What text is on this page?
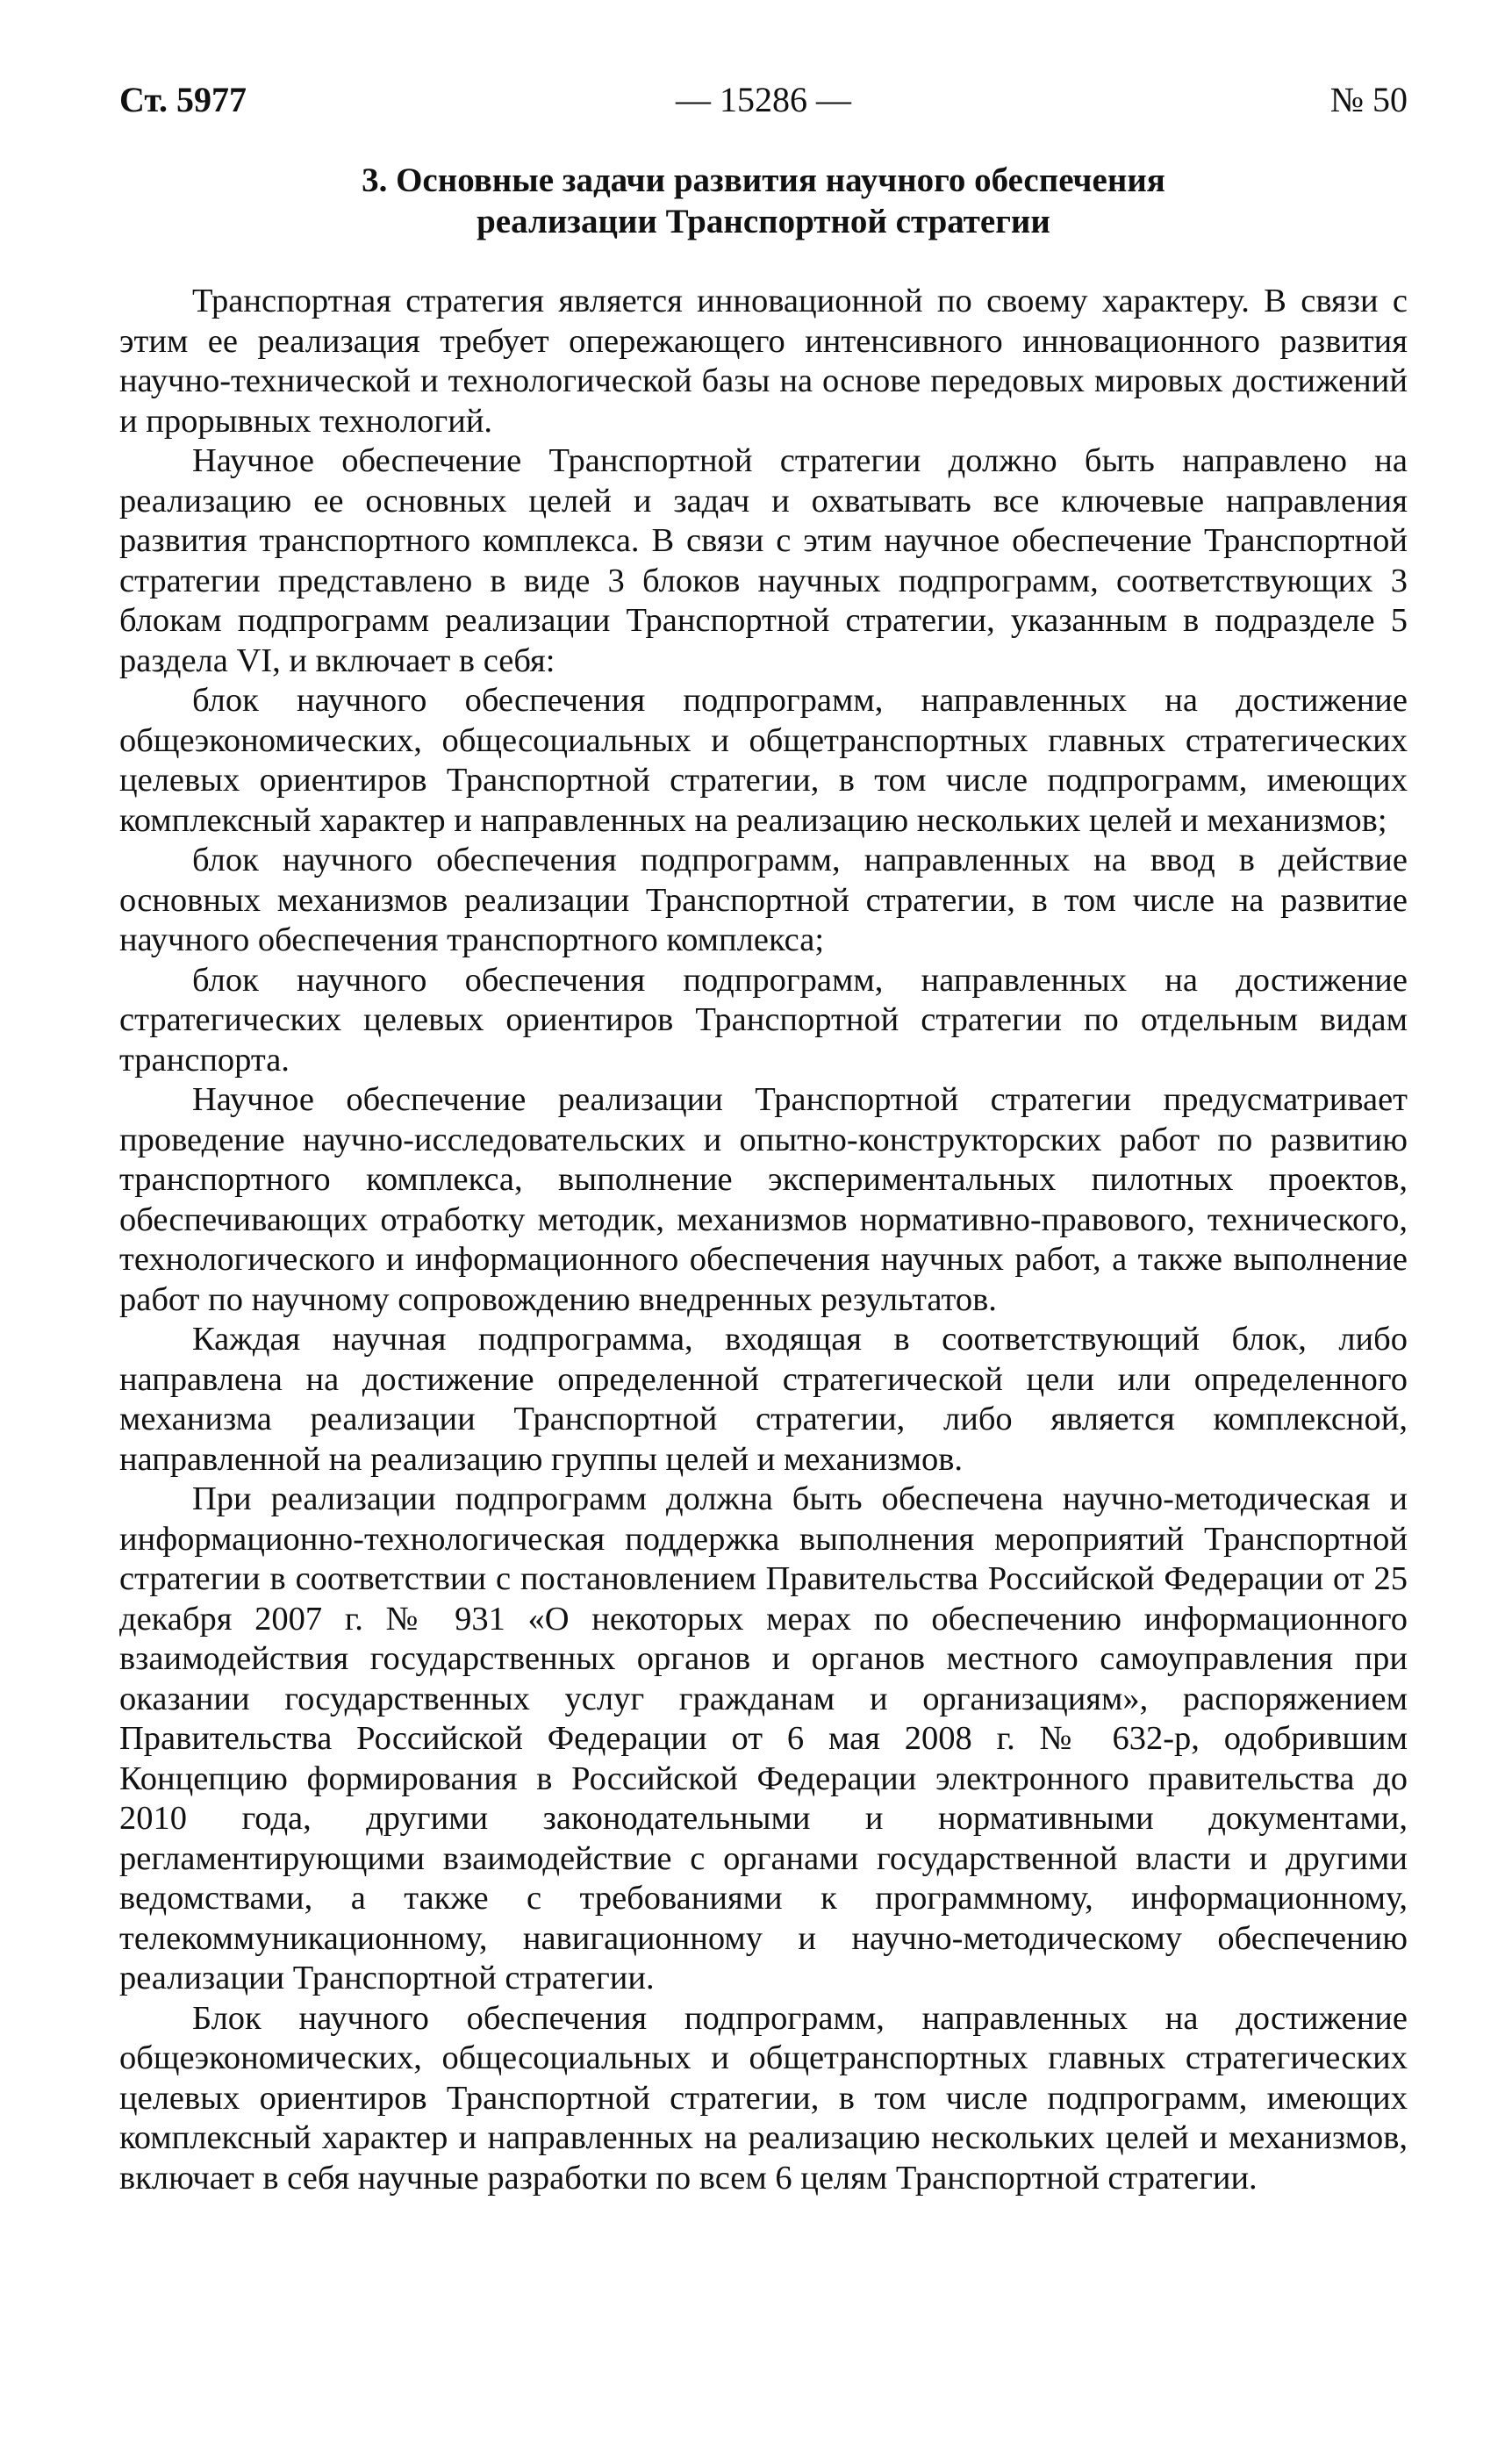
Ст. 5977	— 15286 —	№ 50
3. Основные задачи развития научного обеспечения
реализации Транспортной стратегии

Транспортная стратегия является инновационной по своему характеру. В связи с этим ее реализация требует опережающего интенсивного инновационного развития научно-технической и технологической базы на основе передовых мировых достижений и прорывных технологий.

Научное обеспечение Транспортной стратегии должно быть направлено на реализацию ее основных целей и задач и охватывать все ключевые направления развития транспортного комплекса. В связи с этим научное обеспечение Транспортной стратегии представлено в виде 3 блоков научных подпрограмм, соответствующих 3 блокам подпрограмм реализации Транспортной стратегии, указанным в подразделе 5 раздела VI, и включает в себя:

блок научного обеспечения подпрограмм, направленных на достижение общеэкономических, общесоциальных и общетранспортных главных стратегических целевых ориентиров Транспортной стратегии, в том числе подпрограмм, имеющих комплексный характер и направленных на реализацию нескольких целей и механизмов;

блок научного обеспечения подпрограмм, направленных на ввод в действие основных механизмов реализации Транспортной стратегии, в том числе на развитие научного обеспечения транспортного комплекса;

блок научного обеспечения подпрограмм, направленных на достижение стратегических целевых ориентиров Транспортной стратегии по отдельным видам транспорта.

Научное обеспечение реализации Транспортной стратегии предусматривает проведение научно-исследовательских и опытно-конструкторских работ по развитию транспортного комплекса, выполнение экспериментальных пилотных проектов, обеспечивающих отработку методик, механизмов нормативно-правового, технического, технологического и информационного обеспечения научных работ, а также выполнение работ по научному сопровождению внедренных результатов.

Каждая научная подпрограмма, входящая в соответствующий блок, либо направлена на достижение определенной стратегической цели или определенного механизма реализации Транспортной стратегии, либо является комплексной, направленной на реализацию группы целей и механизмов.

При реализации подпрограмм должна быть обеспечена научно-методическая и информационно-технологическая поддержка выполнения мероприятий Транспортной стратегии в соответствии с постановлением Правительства Российской Федерации от 25 декабря 2007 г. № 931 «О некоторых мерах по обеспечению информационного взаимодействия государственных органов и органов местного самоуправления при оказании государственных услуг гражданам и организациям», распоряжением Правительства Российской Федерации от 6 мая 2008 г. № 632-р, одобрившим Концепцию формирования в Российской Федерации электронного правительства до 2010 года, другими законодательными и нормативными документами, регламентирующими взаимодействие с органами государственной власти и другими ведомствами, а также с требованиями к программному, информационному, телекоммуникационному, навигационному и научно-методическому обеспечению реализации Транспортной стратегии.

Блок научного обеспечения подпрограмм, направленных на достижение общеэкономических, общесоциальных и общетранспортных главных стратегических целевых ориентиров Транспортной стратегии, в том числе подпрограмм, имеющих комплексный характер и направленных на реализацию нескольких целей и механизмов, включает в себя научные разработки по всем 6 целям Транспортной стратегии.
